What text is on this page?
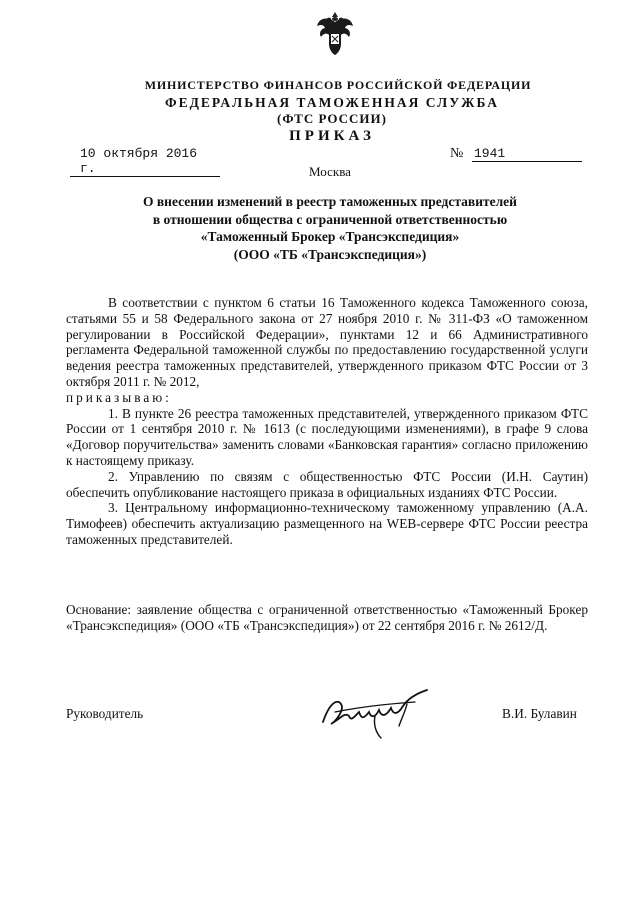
МИНИСТЕРСТВО ФИНАНСОВ РОССИЙСКОЙ ФЕДЕРАЦИИ
ФЕДЕРАЛЬНАЯ ТАМОЖЕННАЯ СЛУЖБА
(ФТС РОССИИ)
ПРИКАЗ
10 октября 2016 г.
№ 1941
Москва
О внесении изменений в реестр таможенных представителей
в отношении общества с ограниченной ответственностью
«Таможенный Брокер «Трансэкспедиция»
(ООО «ТБ «Трансэкспедиция»)

В соответствии с пунктом 6 статьи 16 Таможенного кодекса Таможенного союза, статьями 55 и 58 Федерального закона от 27 ноября 2010 г. № 311-ФЗ «О таможенном регулировании в Российской Федерации», пунктами 12 и 66 Административного регламента Федеральной таможенной службы по предоставлению государственной услуги ведения реестра таможенных представителей, утвержденного приказом ФТС России от 3 октября 2011 г. № 2012,

приказываю:

1. В пункте 26 реестра таможенных представителей, утвержденного приказом ФТС России от 1 сентября 2010 г. № 1613 (с последующими изменениями), в графе 9 слова «Договор поручительства» заменить словами «Банковская гарантия» согласно приложению к настоящему приказу.

2. Управлению по связям с общественностью ФТС России (И.Н. Саутин) обеспечить опубликование настоящего приказа в официальных изданиях ФТС России.

3. Центральному информационно-техническому таможенному управлению (А.А. Тимофеев) обеспечить актуализацию размещенного на WEB-сервере ФТС России реестра таможенных представителей.

Основание: заявление общества с ограниченной ответственностью «Таможенный Брокер «Трансэкспедиция» (ООО «ТБ «Трансэкспедиция») от 22 сентября 2016 г. № 2612/Д.
Руководитель	В.И. Булавин
